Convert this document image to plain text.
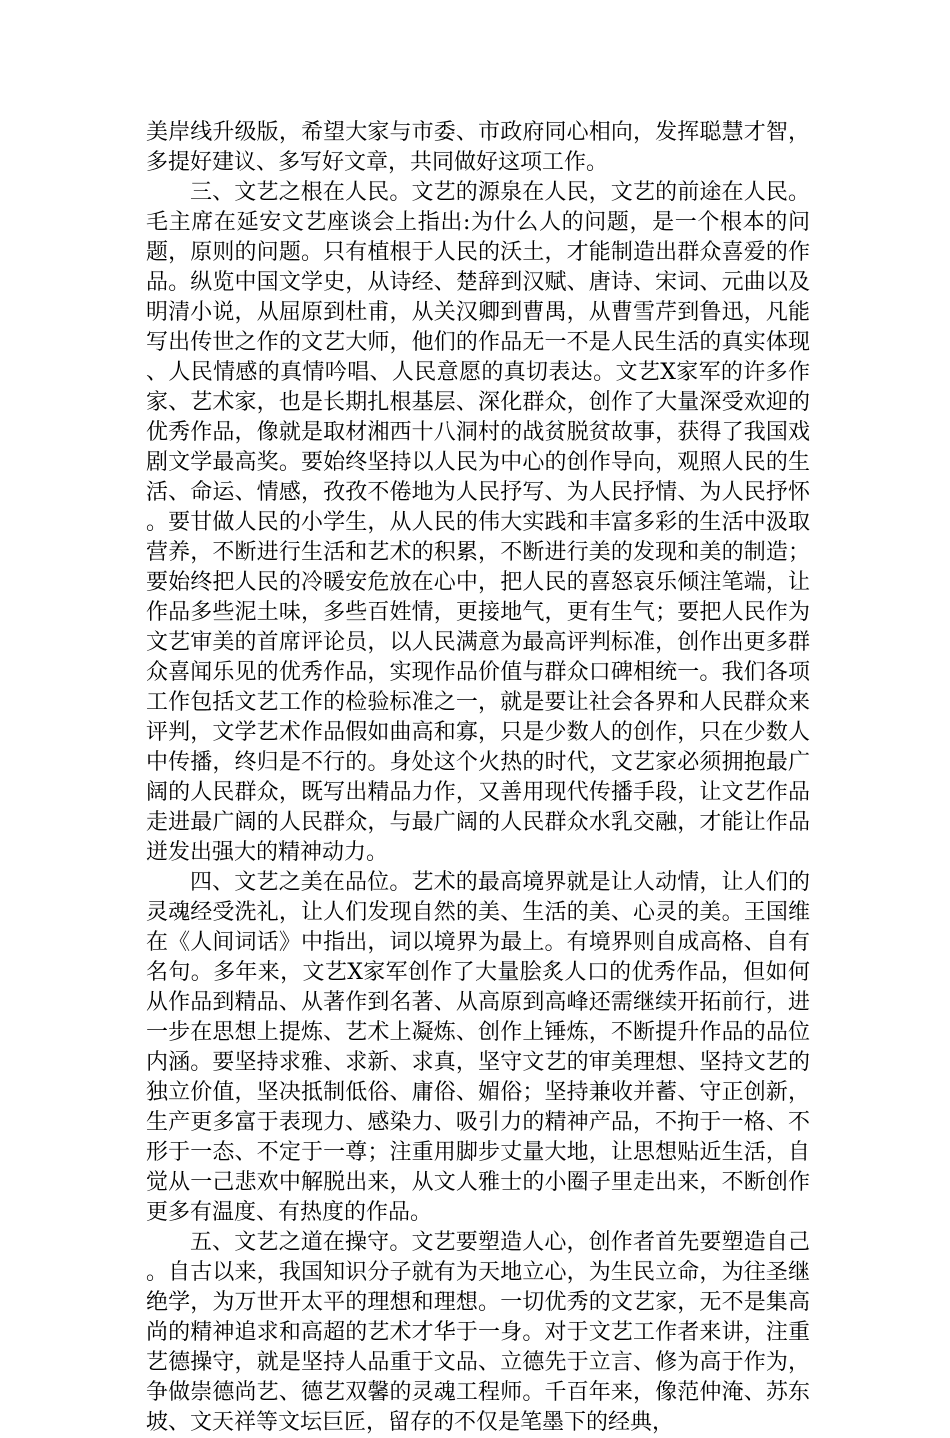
美岸线升级版，希望大家与市委、市政府同心相向，发挥聪慧才智，多提好建议、多写好文章，共同做好这项工作。

三、文艺之根在人民。文艺的源泉在人民，文艺的前途在人民。毛主席在延安文艺座谈会上指出:为什么人的问题，是一个根本的问题，原则的问题。只有植根于人民的沃土，才能制造出群众喜爱的作品。纵览中国文学史，从诗经、楚辞到汉赋、唐诗、宋词、元曲以及明清小说，从屈原到杜甫，从关汉卿到曹禺，从曹雪芹到鲁迅，凡能写出传世之作的文艺大师，他们的作品无一不是人民生活的真实体现、人民情感的真情吟唱、人民意愿的真切表达。文艺X家军的许多作家、艺术家，也是长期扎根基层、深化群众，创作了大量深受欢迎的优秀作品，像就是取材湘西十八洞村的战贫脱贫故事，获得了我国戏剧文学最高奖。要始终坚持以人民为中心的创作导向，观照人民的生活、命运、情感，孜孜不倦地为人民抒写、为人民抒情、为人民抒怀。要甘做人民的小学生，从人民的伟大实践和丰富多彩的生活中汲取营养，不断进行生活和艺术的积累，不断进行美的发现和美的制造；要始终把人民的冷暖安危放在心中，把人民的喜怒哀乐倾注笔端，让作品多些泥土味，多些百姓情，更接地气，更有生气；要把人民作为文艺审美的首席评论员，以人民满意为最高评判标准，创作出更多群众喜闻乐见的优秀作品，实现作品价值与群众口碑相统一。我们各项工作包括文艺工作的检验标准之一，就是要让社会各界和人民群众来评判，文学艺术作品假如曲高和寡，只是少数人的创作，只在少数人中传播，终归是不行的。身处这个火热的时代，文艺家必须拥抱最广阔的人民群众，既写出精品力作，又善用现代传播手段，让文艺作品走进最广阔的人民群众，与最广阔的人民群众水乳交融，才能让作品迸发出强大的精神动力。

四、文艺之美在品位。艺术的最高境界就是让人动情，让人们的灵魂经受洗礼，让人们发现自然的美、生活的美、心灵的美。王国维在《人间词话》中指出，词以境界为最上。有境界则自成高格、自有名句。多年来，文艺X家军创作了大量脍炙人口的优秀作品，但如何从作品到精品、从著作到名著、从高原到高峰还需继续开拓前行，进一步在思想上提炼、艺术上凝炼、创作上锤炼，不断提升作品的品位内涵。要坚持求雅、求新、求真，坚守文艺的审美理想、坚持文艺的独立价值，坚决抵制低俗、庸俗、媚俗；坚持兼收并蓄、守正创新，生产更多富于表现力、感染力、吸引力的精神产品，不拘于一格、不形于一态、不定于一尊；注重用脚步丈量大地，让思想贴近生活，自觉从一己悲欢中解脱出来，从文人雅士的小圈子里走出来，不断创作更多有温度、有热度的作品。

五、文艺之道在操守。文艺要塑造人心，创作者首先要塑造自己。自古以来，我国知识分子就有为天地立心，为生民立命，为往圣继绝学，为万世开太平的理想和理想。一切优秀的文艺家，无不是集高尚的精神追求和高超的艺术才华于一身。对于文艺工作者来讲，注重艺德操守，就是坚持人品重于文品、立德先于立言、修为高于作为，争做崇德尚艺、德艺双馨的灵魂工程师。千百年来，像范仲淹、苏东坡、文天祥等文坛巨匠，留存的不仅是笔墨下的经典，
